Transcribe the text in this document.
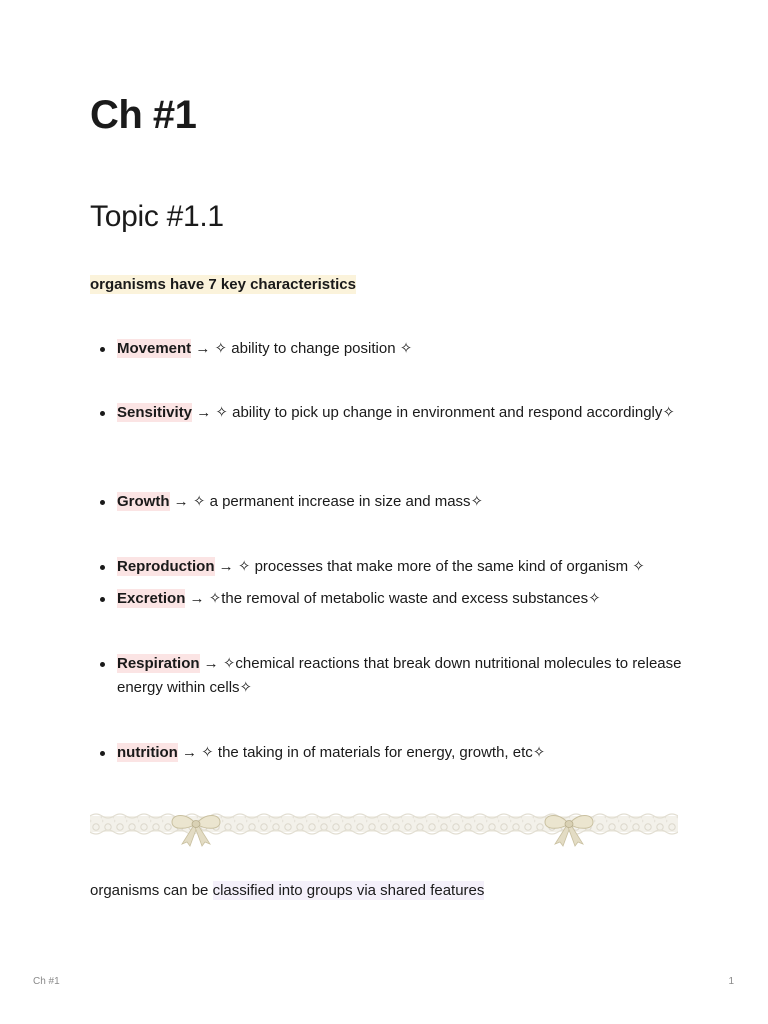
Ch #1
Topic #1.1

organisms have 7 key characteristics

Movement → ✧ ability to change position ✧
Sensitivity → ✧ ability to pick up change in environment and respond accordingly✧
Growth → ✧ a permanent increase in size and mass✧
Reproduction → ✧ processes that make more of the same kind of organism ✧
Excretion → ✧the removal of metabolic waste and excess substances✧
Respiration → ✧chemical reactions that break down nutritional molecules to release energy within cells✧
nutrition → ✧ the taking in of materials for energy, growth, etc✧

organisms can be classified into groups via shared features

Ch #1	1
